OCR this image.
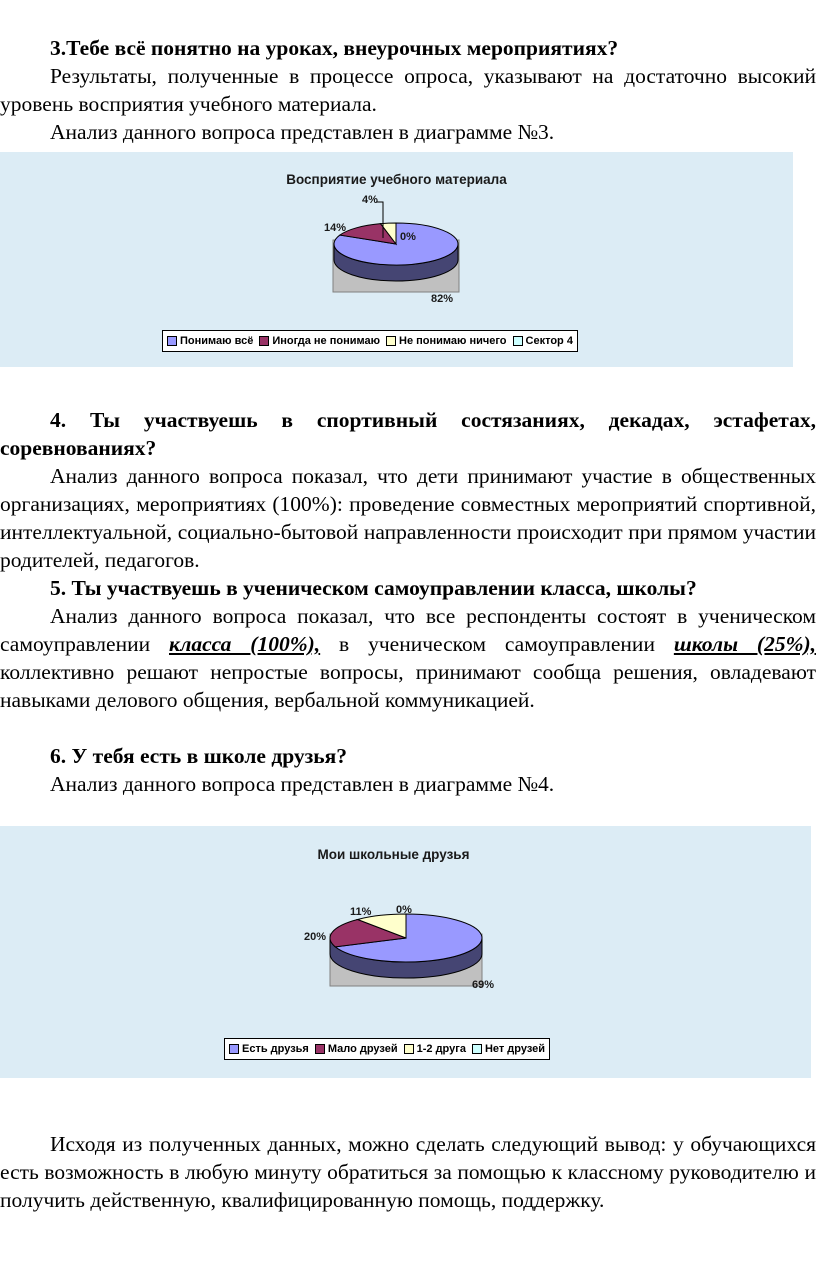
3.Тебе всё понятно на уроках, внеурочных мероприятиях?
Результаты, полученные в процессе опроса, указывают на достаточно высокий уровень восприятия учебного материала.
Анализ данного вопроса представлен в диаграмме №3.
Восприятие учебного материала
4%
14%
0%
82%
Понимаю всё Иногда не понимаю Не понимаю ничего Сектор 4
4. Ты участвуешь в спортивный состязаниях, декадах, эстафетах, соревнованиях?
Анализ данного вопроса показал, что дети принимают участие в общественных организациях, мероприятиях (100%): проведение совместных мероприятий спортивной, интеллектуальной, социально-бытовой направленности происходит при прямом участии родителей, педагогов.
5. Ты участвуешь в ученическом самоуправлении класса, школы?
Анализ данного вопроса показал, что все респонденты состоят в ученическом самоуправлении класса (100%), в ученическом самоуправлении школы (25%), коллективно решают непростые вопросы, принимают сообща решения, овладевают навыками делового общения, вербальной коммуникацией.
6. У тебя есть в школе друзья?
Анализ данного вопроса представлен в диаграмме №4.
Мои школьные друзья
11% 0%
20%
69%
Есть друзья Мало друзей 1-2 друга Нет друзей
Исходя из полученных данных, можно сделать следующий вывод: у обучающихся есть возможность в любую минуту обратиться за помощью к классному руководителю и получить действенную, квалифицированную помощь, поддержку.
